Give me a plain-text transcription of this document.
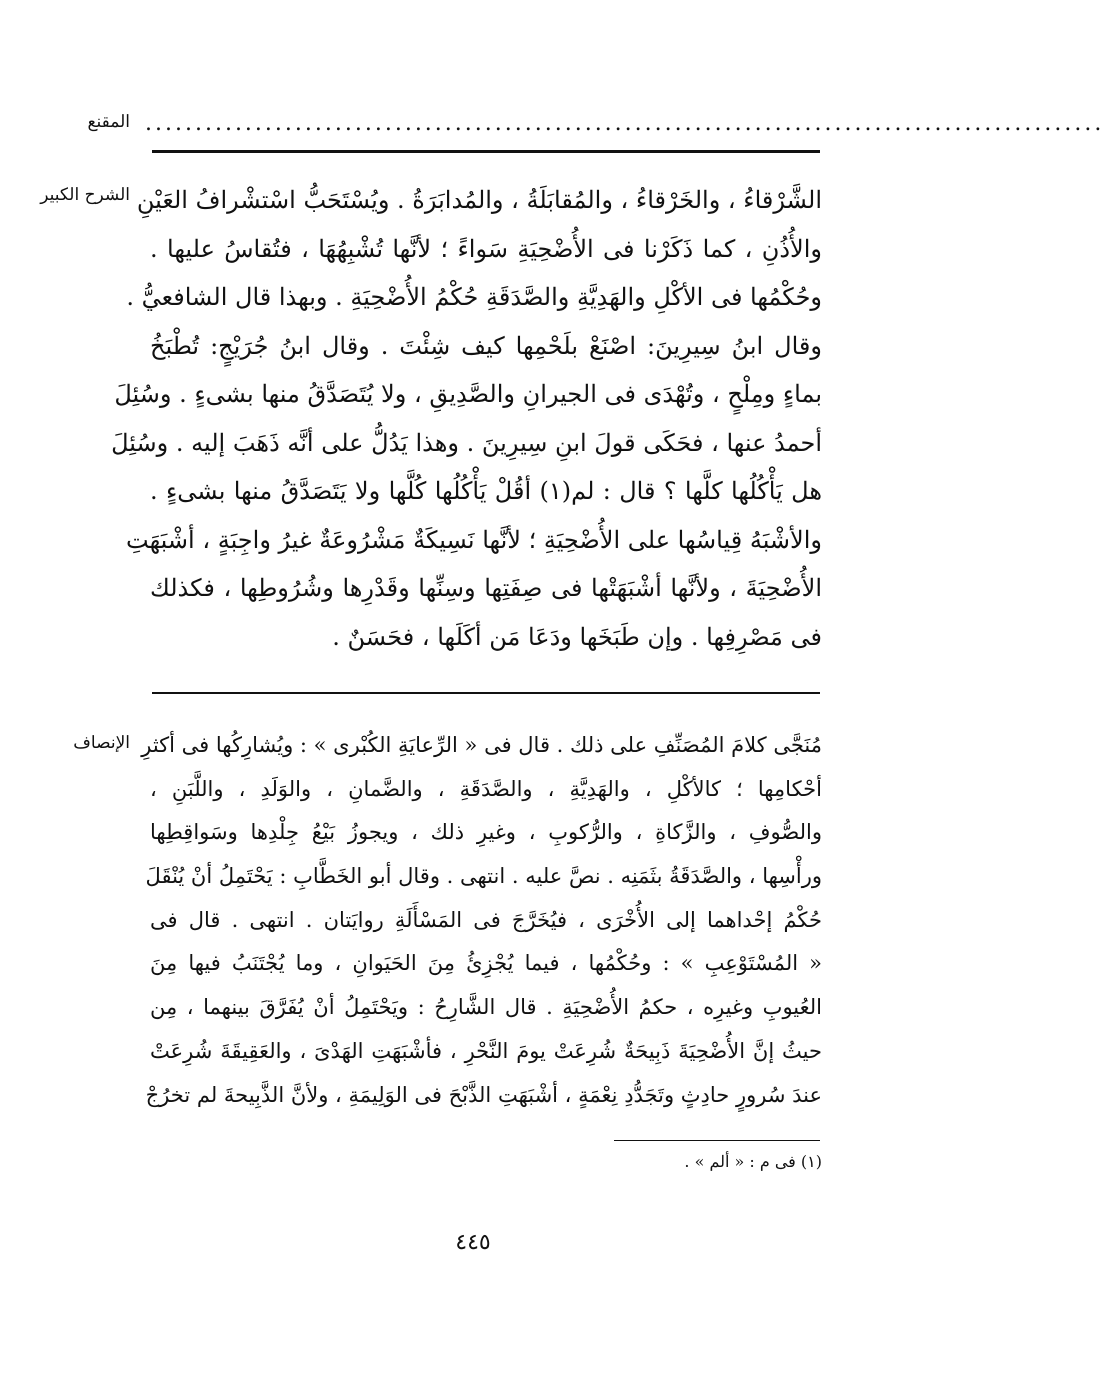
المقنع ................................................................................................
الشرح الكبير الشَّرْقاءُ ، والخَرْقاءُ ، والمُقابَلَةُ ، والمُدابَرَةُ . ويُسْتَحَبُّ اسْتشْرافُ العَيْنِ
والأُذُنِ ، كما ذَكَرْنا فى الأُضْحِيَةِ سَواءً ؛ لأنَّها تُشْبِهُهَا ، فتُقاسُ عليها .
وحُكْمُها فى الأكْلِ والهَدِيَّةِ والصَّدَقَةِ حُكْمُ الأُضْحِيَةِ . وبهذا قال الشافعيُّ .
وقال ابنُ سِيرِينَ: اصْنَعْ بلَحْمِها كيف شِئْتَ . وقال ابنُ جُرَيْجٍ: تُطْبَخُ
بماءٍ ومِلْحٍ ، وتُهْدَى فى الجيرانِ والصَّدِيقِ ، ولا يُتَصَدَّقُ منها بشىءٍ . وسُئِلَ
أحمدُ عنها ، فحَكَى قولَ ابنِ سِيرِينَ . وهذا يَدُلُّ على أنَّه ذَهَبَ إليه . وسُئِلَ
هل يَأْكُلُها كلَّها ؟ قال : لم(١) أقُلْ يَأْكُلُها كُلَّها ولا يَتَصَدَّقُ منها بشىءٍ .
والأشْبَهُ قِياسُها على الأُضْحِيَةِ ؛ لأنَّها نَسِيكَةٌ مَشْرُوعَةٌ غيرُ واجِبَةٍ ، أشْبَهَتِ
الأُضْحِيَةَ ، ولأنَّها أشْبَهَتْها فى صِفَتِها وسِنِّها وقَدْرِها وشُرُوطِها ، فكذلك
فى مَصْرِفِها . وإن طَبَخَها ودَعَا مَن أكَلَها ، فحَسَنٌ .
الإنصاف مُنَجَّى كلامَ المُصَنِّفِ على ذلك . قال فى « الرِّعايَةِ الكُبْرى » : ويُشارِكُها فى أكثرِ
أحْكامِها ؛ كالأكْلِ ، والهَدِيَّةِ ، والصَّدَقَةِ ، والضَّمانِ ، والوَلَدِ ، واللَّبَنِ ،
والصُّوفِ ، والزَّكاةِ ، والرُّكوبِ ، وغيرِ ذلك ، ويجوزُ بَيْعُ جِلْدِها وسَواقِطِها
ورأْسِها ، والصَّدَقَةُ بثَمَنِه . نصَّ عليه . انتهى . وقال أبو الخَطَّابِ : يَحْتَمِلُ أنْ يُنْقَلَ
حُكْمُ إحْداهما إلى الأُخْرَى ، فيُخَرَّجَ فى المَسْأَلَةِ روايَتان . انتهى . قال فى
« المُسْتَوْعِبِ » : وحُكْمُها ، فيما يُجْزِئُ مِنَ الحَيَوانِ ، وما يُجْتَنَبُ فيها مِنَ
العُيوبِ وغيرِه ، حكمُ الأُضْحِيَةِ . قال الشَّارِحُ : ويَحْتَمِلُ أنْ يُفَرَّقَ بينهما ، مِن
حيثُ إنَّ الأُضْحِيَةَ ذَبِيحَةٌ شُرِعَتْ يومَ النَّحْرِ ، فأشْبَهَتِ الهَدْىَ ، والعَقِيقَةَ شُرِعَتْ
عندَ سُرورٍ حادِثٍ وتَجَدُّدِ نِعْمَةٍ ، أشْبَهَتِ الذَّبْحَ فى الوَلِيمَةِ ، ولأنَّ الذَّبِيحةَ لم تخرُجْ
(١) فى م : « ألم » .
٤٤٥
